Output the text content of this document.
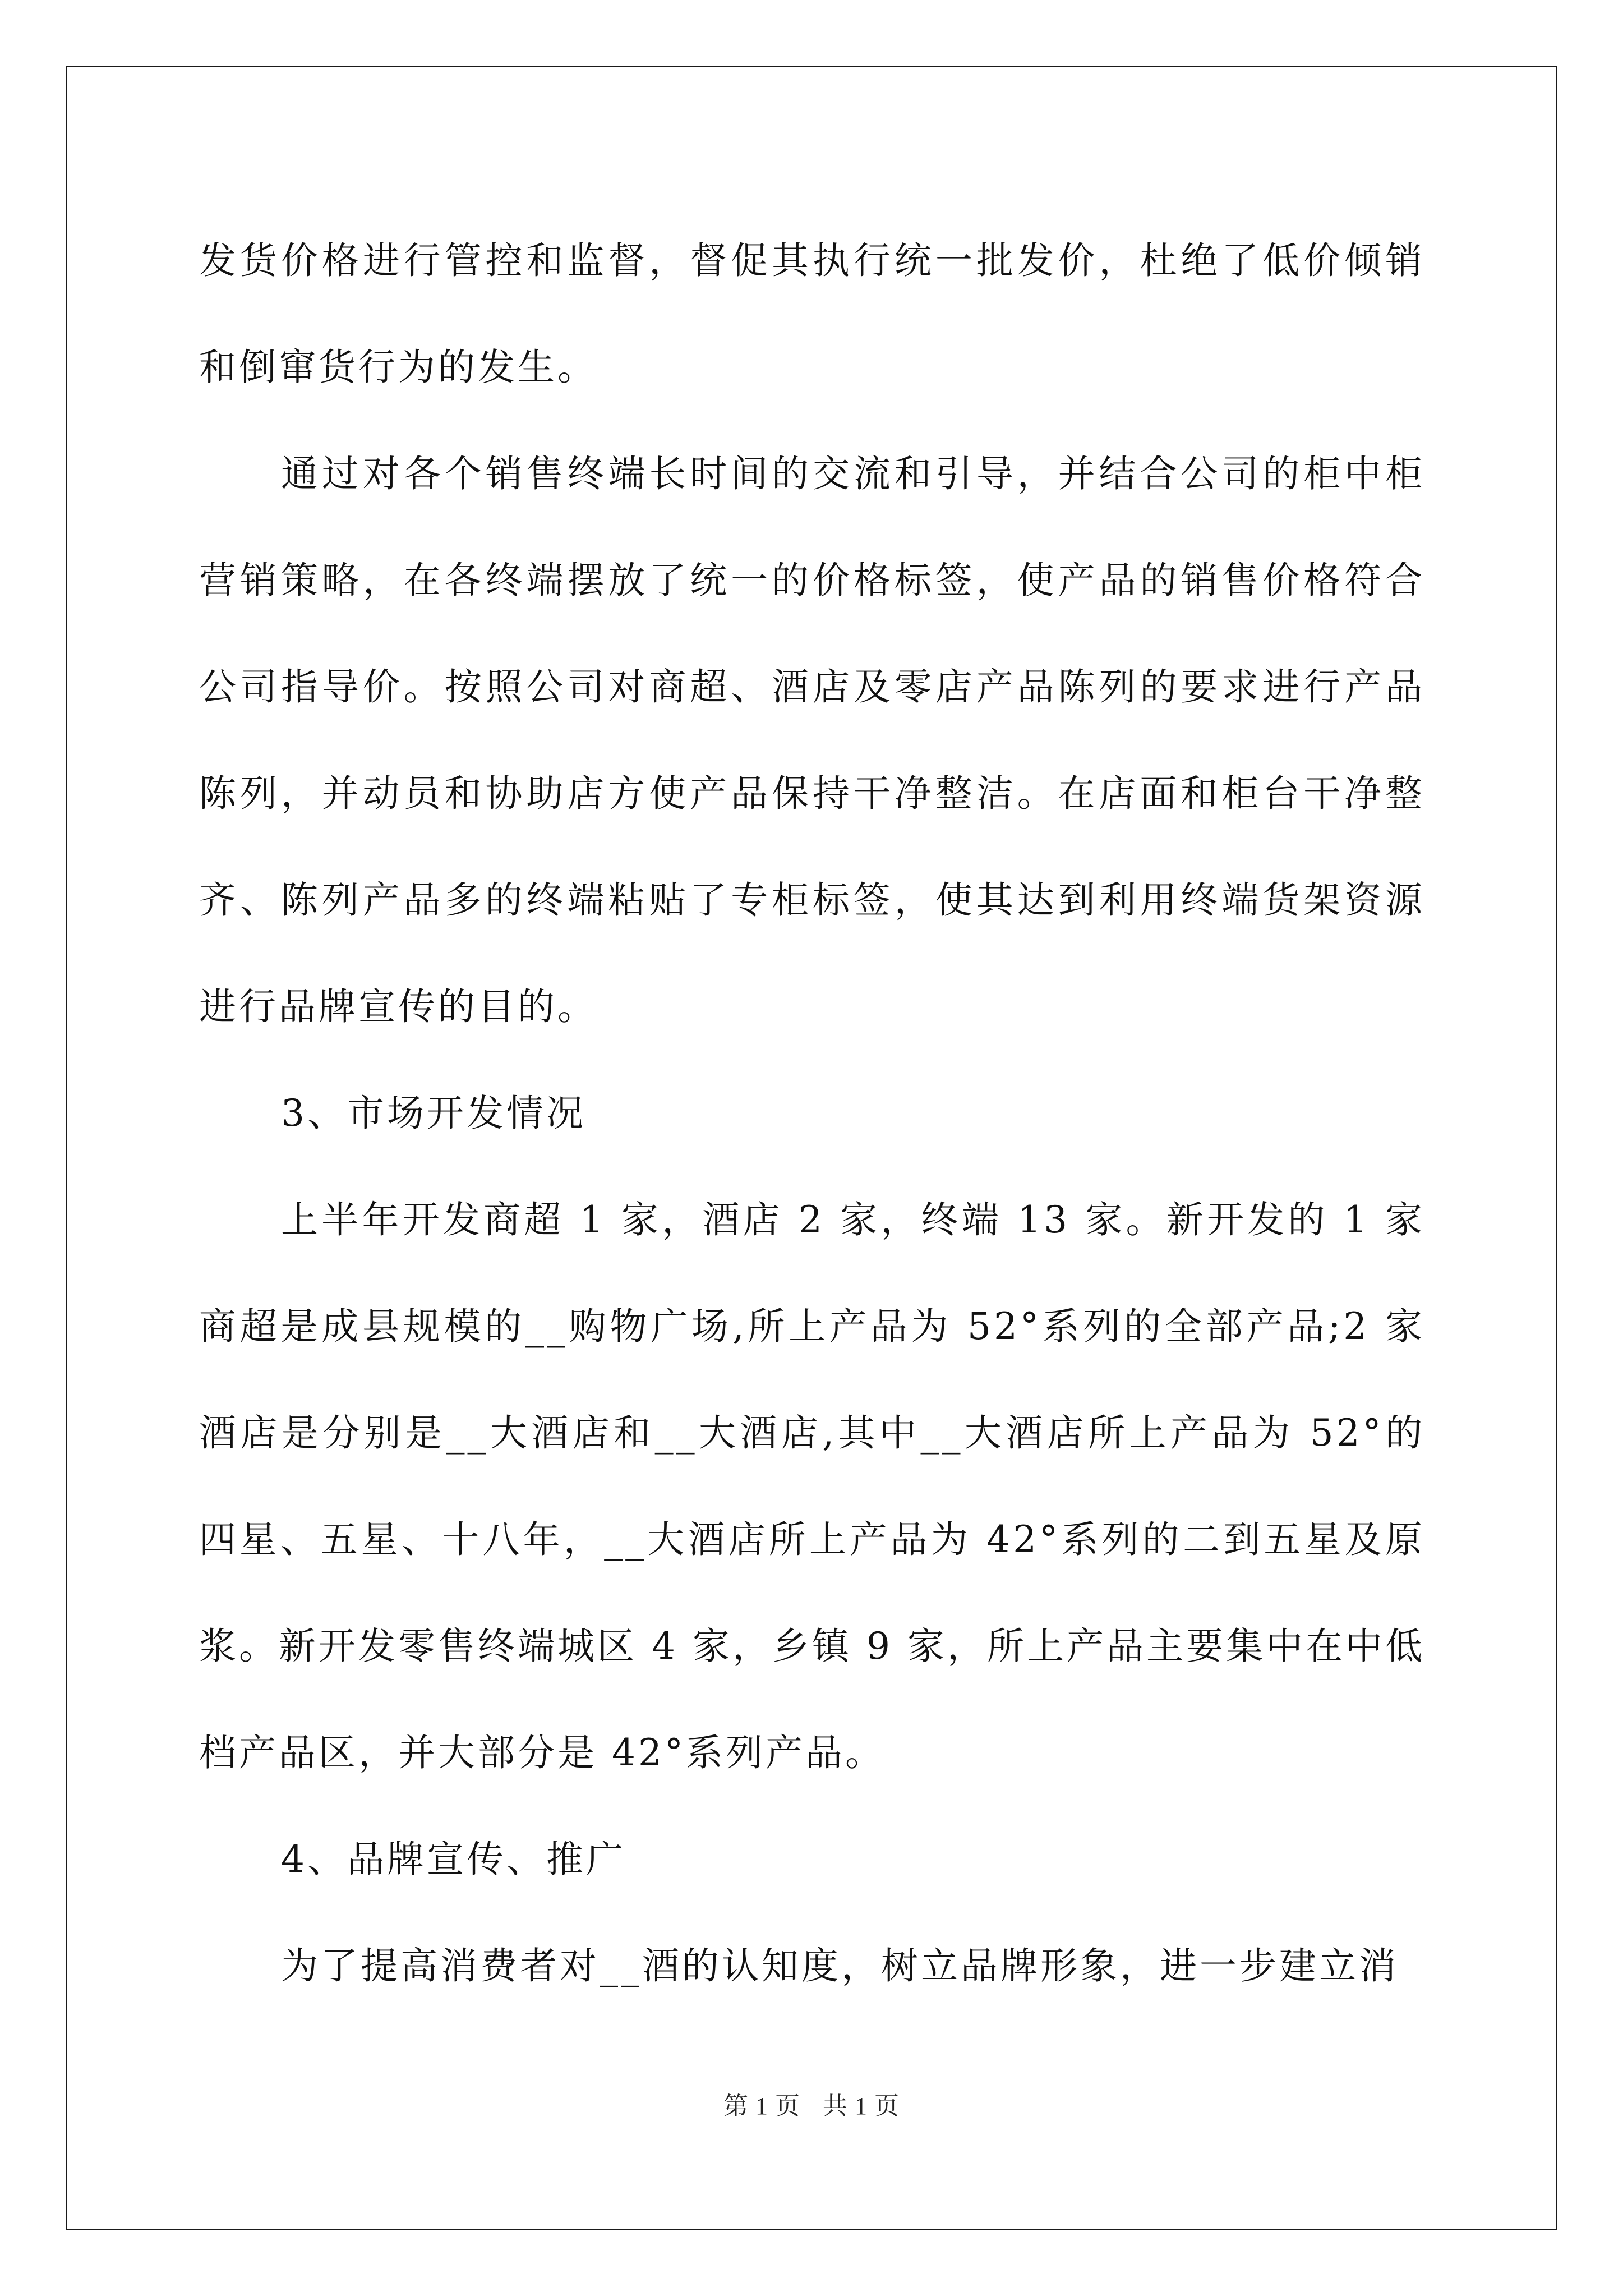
发货价格进行管控和监督，督促其执行统一批发价，杜绝了低价倾销和倒窜货行为的发生。

通过对各个销售终端长时间的交流和引导，并结合公司的柜中柜营销策略，在各终端摆放了统一的价格标签，使产品的销售价格符合公司指导价。按照公司对商超、酒店及零店产品陈列的要求进行产品陈列，并动员和协助店方使产品保持干净整洁。在店面和柜台干净整齐、陈列产品多的终端粘贴了专柜标签，使其达到利用终端货架资源进行品牌宣传的目的。

3、市场开发情况

上半年开发商超 1 家，酒店 2 家，终端 13 家。新开发的 1 家商超是成县规模的__购物广场,所上产品为 52°系列的全部产品;2 家酒店是分别是__大酒店和__大酒店,其中__大酒店所上产品为 52°的四星、五星、十八年，__大酒店所上产品为 42°系列的二到五星及原浆。新开发零售终端城区 4 家，乡镇 9 家，所上产品主要集中在中低档产品区，并大部分是 42°系列产品。

4、品牌宣传、推广

为了提高消费者对__酒的认知度，树立品牌形象，进一步建立消

第 1 页 共 1 页
